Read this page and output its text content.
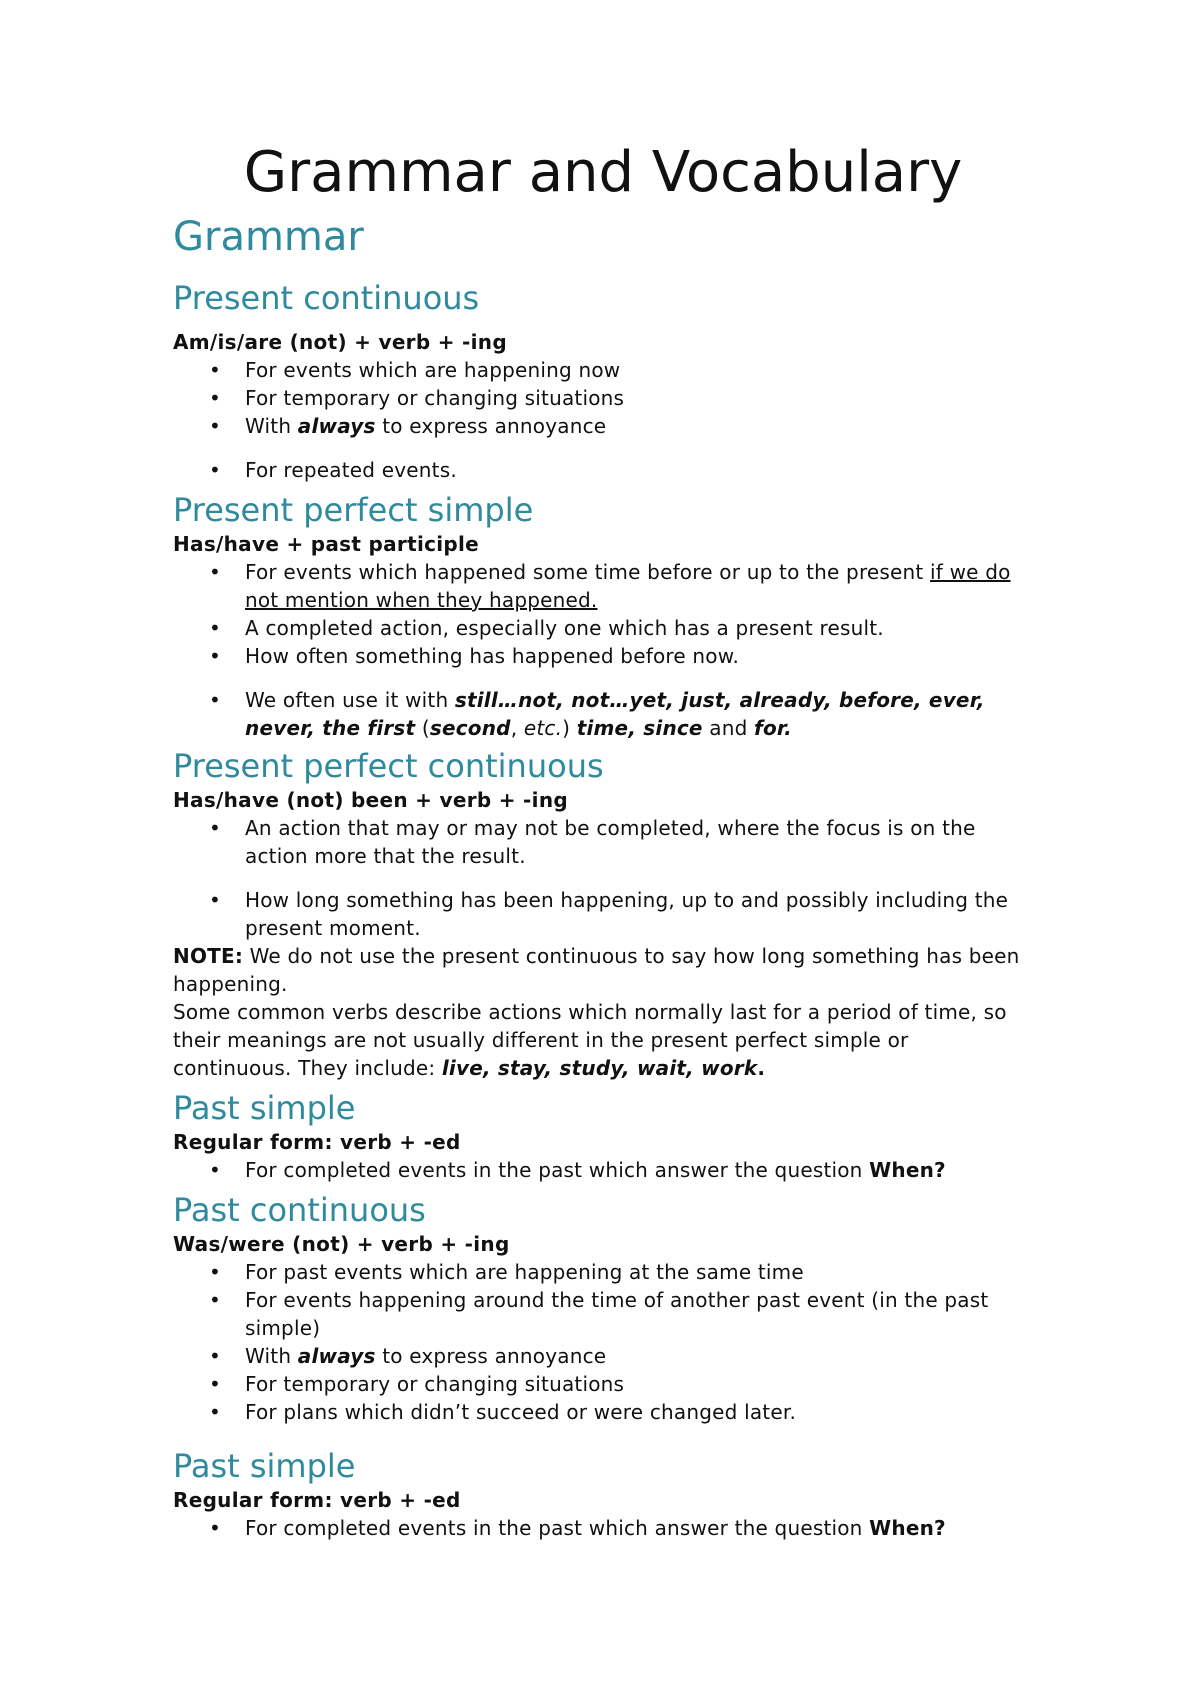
Grammar and Vocabulary
Grammar
Present continuous

Am/is/are (not) + verb + -ing

• For events which are happening now
• For temporary or changing situations
• With always to express annoyance
• For repeated events.
Present perfect simple

Has/have + past participle

• For events which happened some time before or up to the present if we do not mention when they happened.
• A completed action, especially one which has a present result.
• How often something has happened before now.
• We often use it with still…not, not…yet, just, already, before, ever, never, the first (second, etc.) time, since and for.
Present perfect continuous

Has/have (not) been + verb + -ing

• An action that may or may not be completed, where the focus is on the action more that the result.
• How long something has been happening, up to and possibly including the present moment.

NOTE: We do not use the present continuous to say how long something has been happening.

Some common verbs describe actions which normally last for a period of time, so their meanings are not usually different in the present perfect simple or continuous. They include: live, stay, study, wait, work.

Past simple

Regular form: verb + -ed

• For completed events in the past which answer the question When?
Past continuous

Was/were (not) + verb + -ing

• For past events which are happening at the same time
• For events happening around the time of another past event (in the past simple)
• With always to express annoyance
• For temporary or changing situations
• For plans which didn’t succeed or were changed later.
Past simple

Regular form: verb + -ed

• For completed events in the past which answer the question When?
